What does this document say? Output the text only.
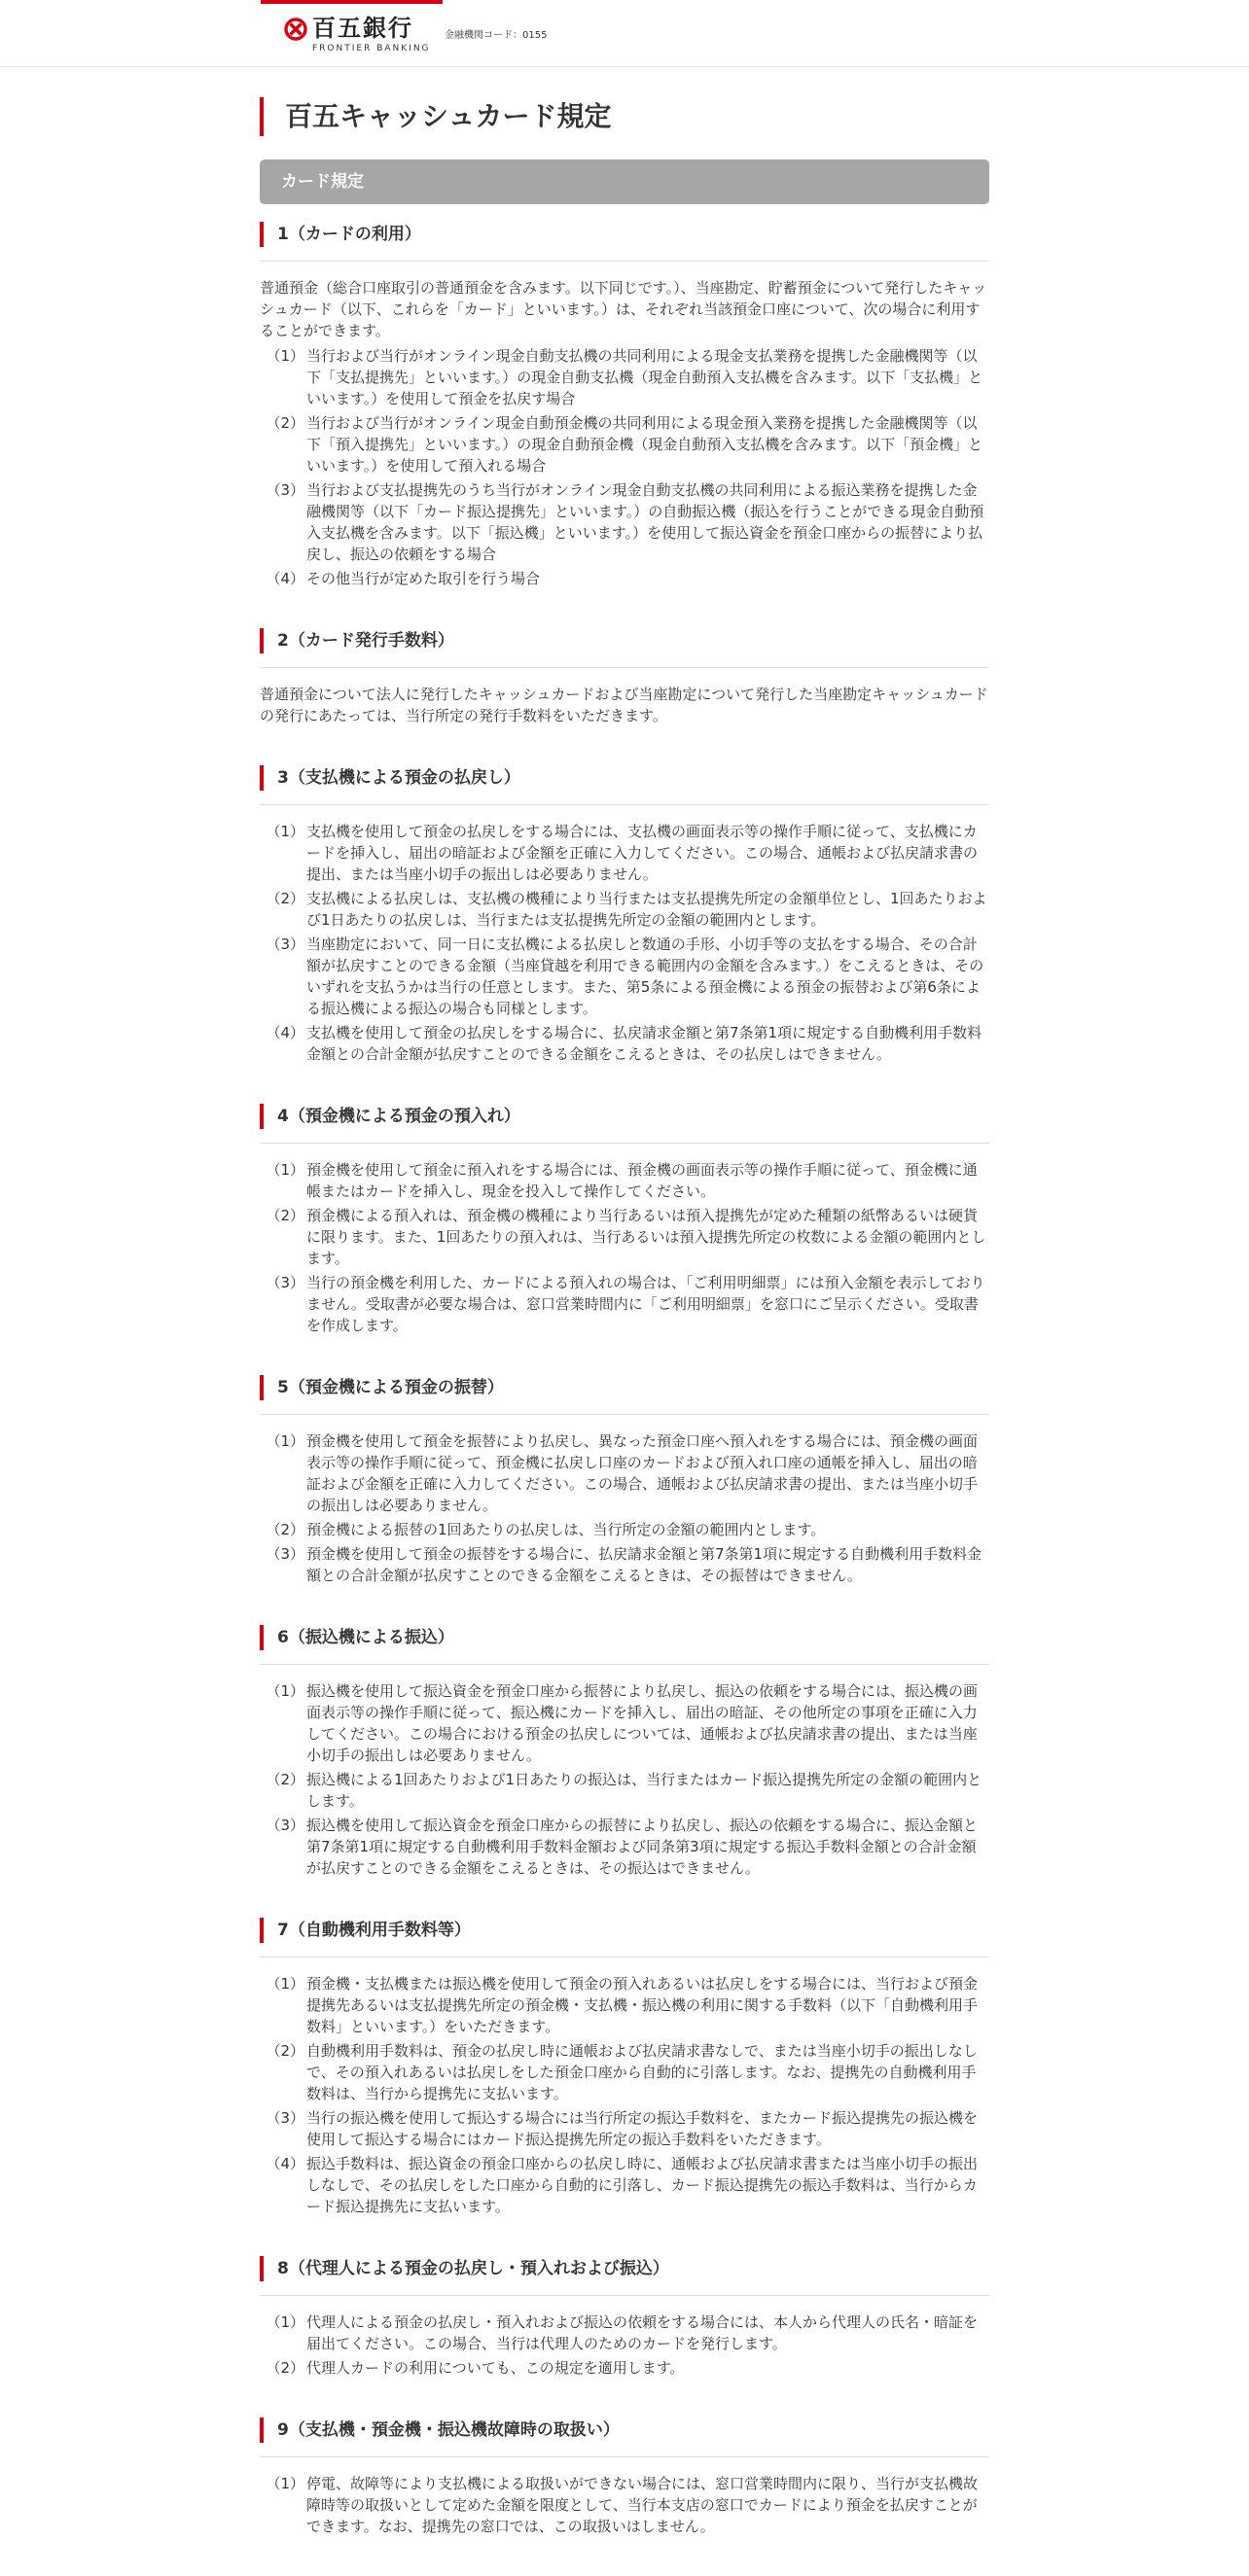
百五銀行
FRONTIER BANKING
金融機関コード：0155
百五キャッシュカード規定
カード規定
1（カードの利用）

普通預金（総合口座取引の普通預金を含みます。以下同じです。）、当座勘定、貯蓄預金について発行したキャッシュカード（以下、これらを「カード」といいます。）は、それぞれ当該預金口座について、次の場合に利用することができます。

（1） 当行および当行がオンライン現金自動支払機の共同利用による現金支払業務を提携した金融機関等（以下「支払提携先」といいます。）の現金自動支払機（現金自動預入支払機を含みます。以下「支払機」といいます。）を使用して預金を払戻す場合
（2） 当行および当行がオンライン現金自動預金機の共同利用による現金預入業務を提携した金融機関等（以下「預入提携先」といいます。）の現金自動預金機（現金自動預入支払機を含みます。以下「預金機」といいます。）を使用して預入れる場合
（3） 当行および支払提携先のうち当行がオンライン現金自動支払機の共同利用による振込業務を提携した金融機関等（以下「カード振込提携先」といいます。）の自動振込機（振込を行うことができる現金自動預入支払機を含みます。以下「振込機」といいます。）を使用して振込資金を預金口座からの振替により払戻し、振込の依頼をする場合
（4） その他当行が定めた取引を行う場合
2（カード発行手数料）

普通預金について法人に発行したキャッシュカードおよび当座勘定について発行した当座勘定キャッシュカードの発行にあたっては、当行所定の発行手数料をいただきます。

3（支払機による預金の払戻し）
（1） 支払機を使用して預金の払戻しをする場合には、支払機の画面表示等の操作手順に従って、支払機にカードを挿入し、届出の暗証および金額を正確に入力してください。この場合、通帳および払戻請求書の提出、または当座小切手の振出しは必要ありません。
（2） 支払機による払戻しは、支払機の機種により当行または支払提携先所定の金額単位とし、1回あたりおよび1日あたりの払戻しは、当行または支払提携先所定の金額の範囲内とします。
（3） 当座勘定において、同一日に支払機による払戻しと数通の手形、小切手等の支払をする場合、その合計額が払戻すことのできる金額（当座貸越を利用できる範囲内の金額を含みます。）をこえるときは、そのいずれを支払うかは当行の任意とします。また、第5条による預金機による預金の振替および第6条による振込機による振込の場合も同様とします。
（4） 支払機を使用して預金の払戻しをする場合に、払戻請求金額と第7条第1項に規定する自動機利用手数料金額との合計金額が払戻すことのできる金額をこえるときは、その払戻しはできません。
4（預金機による預金の預入れ）
（1） 預金機を使用して預金に預入れをする場合には、預金機の画面表示等の操作手順に従って、預金機に通帳またはカードを挿入し、現金を投入して操作してください。
（2） 預金機による預入れは、預金機の機種により当行あるいは預入提携先が定めた種類の紙幣あるいは硬貨に限ります。また、1回あたりの預入れは、当行あるいは預入提携先所定の枚数による金額の範囲内とします。
（3） 当行の預金機を利用した、カードによる預入れの場合は、「ご利用明細票」には預入金額を表示しておりません。受取書が必要な場合は、窓口営業時間内に「ご利用明細票」を窓口にご呈示ください。受取書を作成します。
5（預金機による預金の振替）
（1） 預金機を使用して預金を振替により払戻し、異なった預金口座へ預入れをする場合には、預金機の画面表示等の操作手順に従って、預金機に払戻し口座のカードおよび預入れ口座の通帳を挿入し、届出の暗証および金額を正確に入力してください。この場合、通帳および払戻請求書の提出、または当座小切手の振出しは必要ありません。
（2） 預金機による振替の1回あたりの払戻しは、当行所定の金額の範囲内とします。
（3） 預金機を使用して預金の振替をする場合に、払戻請求金額と第7条第1項に規定する自動機利用手数料金額との合計金額が払戻すことのできる金額をこえるときは、その振替はできません。
6（振込機による振込）
（1） 振込機を使用して振込資金を預金口座から振替により払戻し、振込の依頼をする場合には、振込機の画面表示等の操作手順に従って、振込機にカードを挿入し、届出の暗証、その他所定の事項を正確に入力してください。この場合における預金の払戻しについては、通帳および払戻請求書の提出、または当座小切手の振出しは必要ありません。
（2） 振込機による1回あたりおよび1日あたりの振込は、当行またはカード振込提携先所定の金額の範囲内とします。
（3） 振込機を使用して振込資金を預金口座からの振替により払戻し、振込の依頼をする場合に、振込金額と第7条第1項に規定する自動機利用手数料金額および同条第3項に規定する振込手数料金額との合計金額が払戻すことのできる金額をこえるときは、その振込はできません。
7（自動機利用手数料等）
（1） 預金機・支払機または振込機を使用して預金の預入れあるいは払戻しをする場合には、当行および預金提携先あるいは支払提携先所定の預金機・支払機・振込機の利用に関する手数料（以下「自動機利用手数料」といいます。）をいただきます。
（2） 自動機利用手数料は、預金の払戻し時に通帳および払戻請求書なしで、または当座小切手の振出しなしで、その預入れあるいは払戻しをした預金口座から自動的に引落します。なお、提携先の自動機利用手数料は、当行から提携先に支払います。
（3） 当行の振込機を使用して振込する場合には当行所定の振込手数料を、またカード振込提携先の振込機を使用して振込する場合にはカード振込提携先所定の振込手数料をいただきます。
（4） 振込手数料は、振込資金の預金口座からの払戻し時に、通帳および払戻請求書または当座小切手の振出しなしで、その払戻しをした口座から自動的に引落し、カード振込提携先の振込手数料は、当行からカード振込提携先に支払います。
8（代理人による預金の払戻し・預入れおよび振込）
（1） 代理人による預金の払戻し・預入れおよび振込の依頼をする場合には、本人から代理人の氏名・暗証を届出てください。この場合、当行は代理人のためのカードを発行します。
（2） 代理人カードの利用についても、この規定を適用します。
9（支払機・預金機・振込機故障時の取扱い）
（1） 停電、故障等により支払機による取扱いができない場合には、窓口営業時間内に限り、当行が支払機故障時等の取扱いとして定めた金額を限度として、当行本支店の窓口でカードにより預金を払戻すことができます。なお、提携先の窓口では、この取扱いはしません。
